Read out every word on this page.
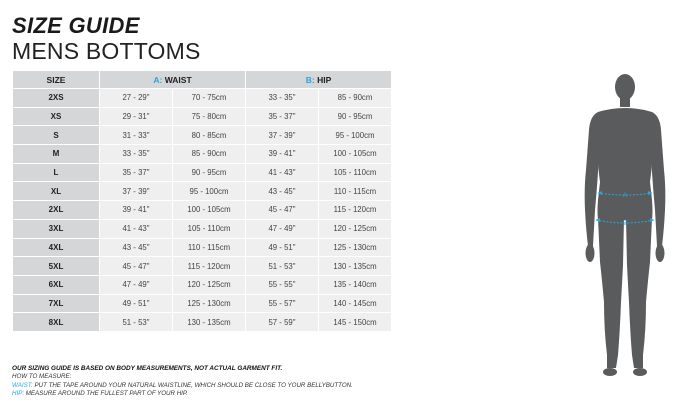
SIZE GUIDE
MENS BOTTOMS
SIZE	A: WAIST		B: HIP	
2XS	27 - 29"	70 - 75cm	33 - 35"	85 - 90cm
XS	29 - 31"	75 - 80cm	35 - 37"	90 - 95cm
S	31 - 33"	80 - 85cm	37 - 39"	95 - 100cm
M	33 - 35"	85 - 90cm	39 - 41"	100 - 105cm
L	35 - 37"	90 - 95cm	41 - 43"	105 - 110cm
XL	37 - 39"	95 - 100cm	43 - 45"	110 - 115cm
2XL	39 - 41"	100 - 105cm	45 - 47"	115 - 120cm
3XL	41 - 43"	105 - 110cm	47 - 49"	120 - 125cm
4XL	43 - 45"	110 - 115cm	49 - 51"	125 - 130cm
5XL	45 - 47"	115 - 120cm	51 - 53"	130 - 135cm
6XL	47 - 49"	120 - 125cm	55 - 55"	135 - 140cm
7XL	49 - 51"	125 - 130cm	55 - 57"	140 - 145cm
8XL	51 - 53"	130 - 135cm	57 - 59"	145 - 150cm
OUR SIZING GUIDE IS BASED ON BODY MEASUREMENTS, NOT ACTUAL GARMENT FIT.
HOW TO MEASURE:
WAIST: PUT THE TAPE AROUND YOUR NATURAL WAISTLINE, WHICH SHOULD BE CLOSE TO YOUR BELLYBUTTON.
HIP: MEASURE AROUND THE FULLEST PART OF YOUR HIP.
A
B
